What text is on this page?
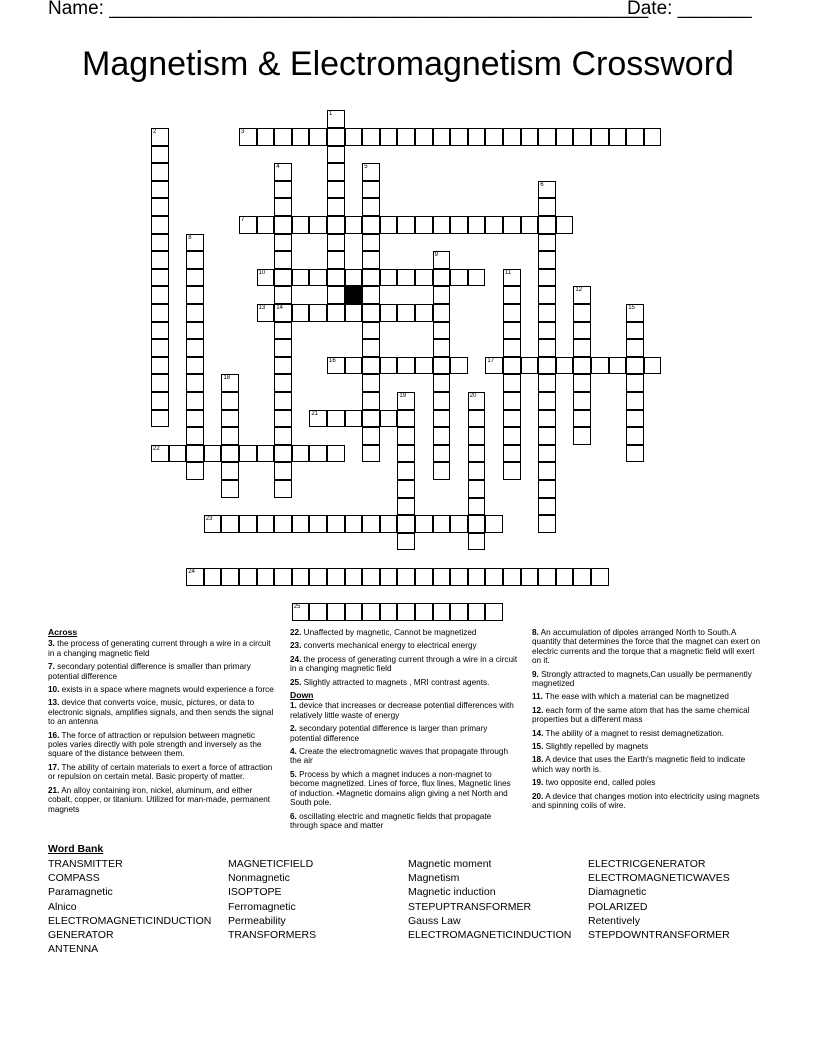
Name: ___________________________________________________
Date: _______
Magnetism & Electromagnetism Crossword
1
2	3
4
14
5
6
7
8
9
10	11
12
13	15
16	17
18
19	20
21
22
23
24
25
Across
3. the process of generating current through a wire in a circuit in a changing magnetic field
7. secondary potential difference is smaller than primary potential difference
10. exists in a space where magnets would experience a force
13. device that converts voice, music, pictures, or data to electronic signals, amplifies signals, and then sends the signal to an antenna
16. The force of attraction or repulsion between magnetic poles varies directly with pole strength and inversely as the square of the distance between them.
17. The ability of certain materials to exert a force of attraction or repulsion on certain metal. Basic property of matter.
21. An alloy containing iron, nickel, aluminum, and either cobalt, copper, or titanium. Utilized for man-made, permanent magnets
22. Unaffected by magnetic, Cannot be magnetized
23. converts mechanical energy to electrical energy
24. the process of generating current through a wire in a circuit in a changing magnetic field
25. Slightly attracted to magnets , MRI contrast agents.
Down
1. device that increases or decrease potential differences with relatively little waste of energy
2. secondary potential difference is larger than primary potential difference
4. Create the electromagnetic waves that propagate through the air
5. Process by which a magnet induces a non-magnet to become magnetized. Lines of force, flux lines, Magnetic lines of induction. •Magnetic domains align giving a net North and South pole.
6. oscillating electric and magnetic fields that propagate through space and matter
8. An accumulation of dipoles arranged North to South.A quantity that determines the force that the magnet can exert on electric currents and the torque that a magnetic field will exert on it.
9. Strongly attracted to magnets,Can usually be permanently magnetized
11. The ease with which a material can be magnetized
12. each form of the same atom that has the same chemical properties but a different mass
14. The ability of a magnet to resist demagnetization.
15. Slightly repelled by magnets
18. A device that uses the Earth's magnetic field to indicate which way north is.
19. two opposite end, called poles
20. A device that changes motion into electricity using magnets and spinning coils of wire.
Word Bank
TRANSMITTER
COMPASS
Paramagnetic
Alnico
ELECTROMAGNETICINDUCTION
GENERATOR
ANTENNA
MAGNETICFIELD
Nonmagnetic
ISOPTOPE
Ferromagnetic
Permeability
TRANSFORMERS
Magnetic moment
Magnetism
Magnetic induction
STEPUPTRANSFORMER
Gauss Law
ELECTROMAGNETICINDUCTION
ELECTRICGENERATOR
ELECTROMAGNETICWAVES
Diamagnetic
POLARIZED
Retentively
STEPDOWNTRANSFORMER
